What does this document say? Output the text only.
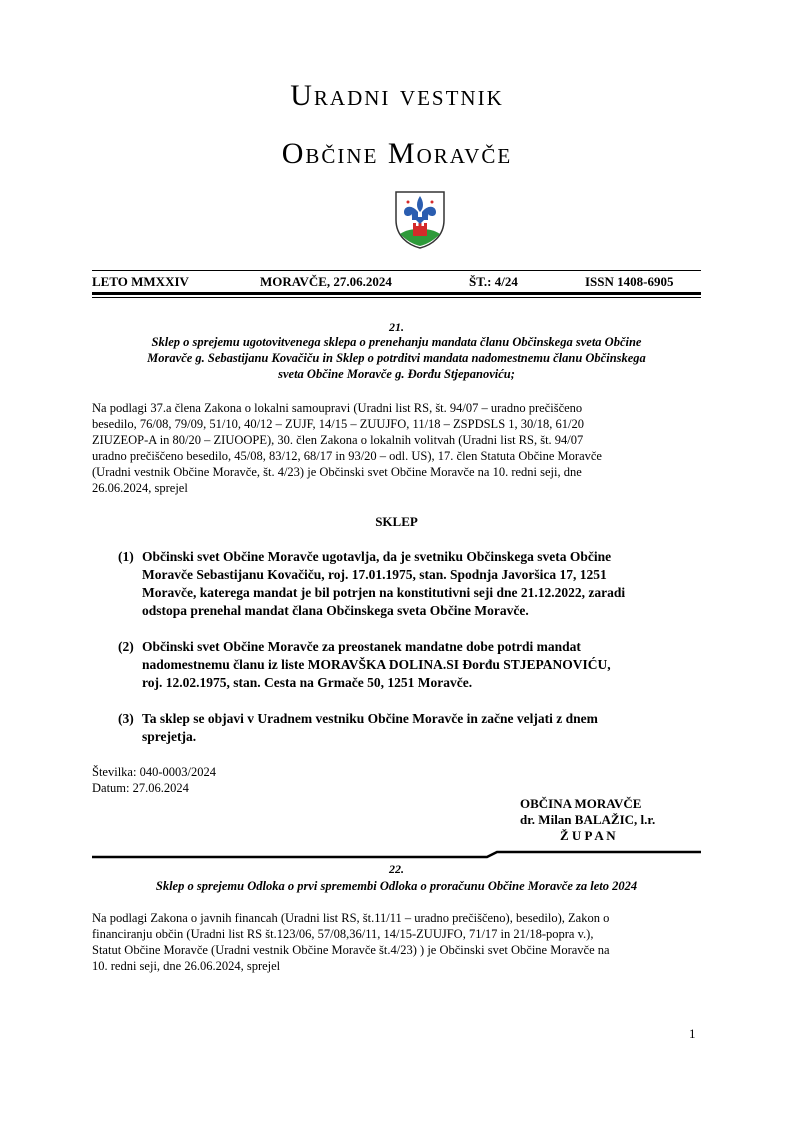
Uradni vestnik
Občine Moravče
LETO MMXXIV	MORAVČE, 27.06.2024	ŠT.: 4/24	ISSN 1408-6905
21.
Sklep o sprejemu ugotovitvenega sklepa o prenehanju mandata članu Občinskega sveta Občine
Moravče g. Sebastijanu Kovačiču in Sklep o potrditvi mandata nadomestnemu članu Občinskega
sveta Občine Moravče g. Đorđu Stjepanoviću;
Na podlagi 37.a člena Zakona o lokalni samoupravi (Uradni list RS, št. 94/07 – uradno prečiščeno
besedilo, 76/08, 79/09, 51/10, 40/12 – ZUJF, 14/15 – ZUUJFO, 11/18 – ZSPDSLS 1, 30/18, 61/20
ZIUZEOP-A in 80/20 – ZIUOOPE), 30. člen Zakona o lokalnih volitvah (Uradni list RS, št. 94/07
uradno prečiščeno besedilo, 45/08, 83/12, 68/17 in 93/20 – odl. US), 17. člen Statuta Občine Moravče
(Uradni vestnik Občine Moravče, št. 4/23) je Občinski svet Občine Moravče na 10. redni seji, dne
26.06.2024, sprejel
SKLEP
(1) Občinski svet Občine Moravče ugotavlja, da je svetniku Občinskega sveta Občine
Moravče Sebastijanu Kovačiču, roj. 17.01.1975, stan. Spodnja Javoršica 17, 1251
Moravče, katerega mandat je bil potrjen na konstitutivni seji dne 21.12.2022, zaradi
odstopa prenehal mandat člana Občinskega sveta Občine Moravče.
(2) Občinski svet Občine Moravče za preostanek mandatne dobe potrdi mandat
nadomestnemu članu iz liste MORAVŠKA DOLINA.SI Đorđu STJEPANOVIĆU,
roj. 12.02.1975, stan. Cesta na Grmače 50, 1251 Moravče.
(3) Ta sklep se objavi v Uradnem vestniku Občine Moravče in začne veljati z dnem
sprejetja.
Številka: 040-0003/2024
Datum: 27.06.2024
OBČINA MORAVČE
dr. Milan BALAŽIC, l.r.
Ž U P A N
22.
Sklep o sprejemu Odloka o prvi spremembi Odloka o proračunu Občine Moravče za leto 2024
Na podlagi Zakona o javnih financah (Uradni list RS, št.11/11 – uradno prečiščeno), besedilo), Zakon o
financiranju občin (Uradni list RS št.123/06, 57/08,36/11, 14/15-ZUUJFO, 71/17 in 21/18-popra v.),
Statut Občine Moravče (Uradni vestnik Občine Moravče št.4/23) ) je Občinski svet Občine Moravče na
10. redni seji, dne 26.06.2024, sprejel
1
